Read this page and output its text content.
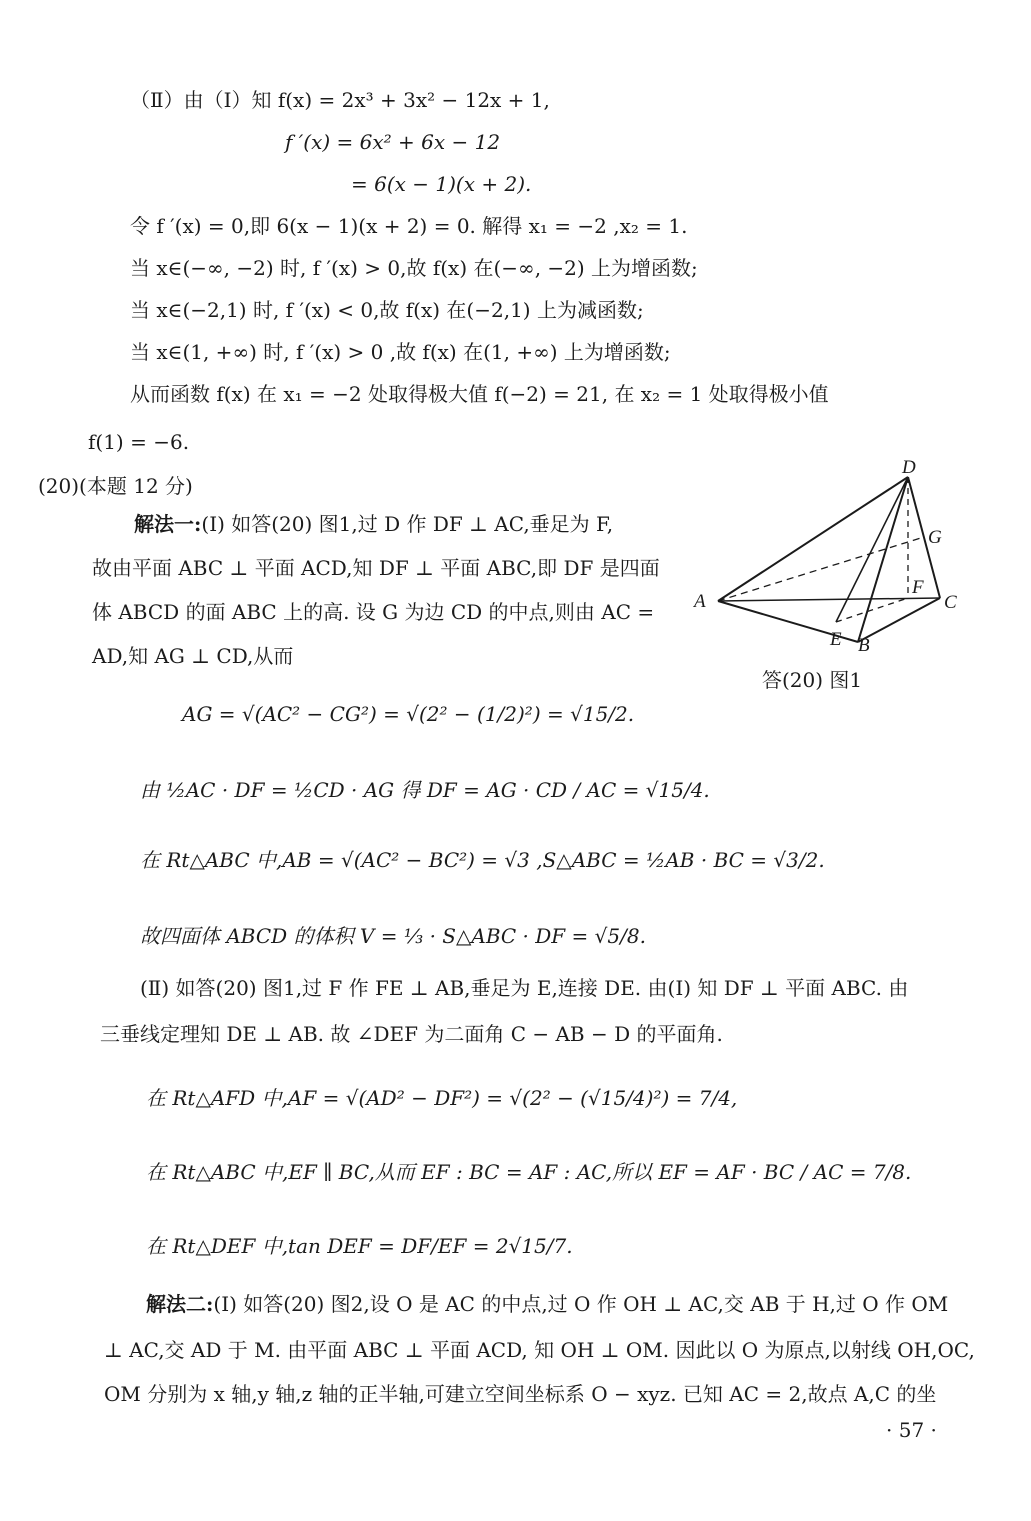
（Ⅱ）由（Ⅰ）知 f(x) = 2x³ + 3x² − 12x + 1,
f ′(x) = 6x² + 6x − 12
= 6(x − 1)(x + 2).
令 f ′(x) = 0,即 6(x − 1)(x + 2) = 0. 解得 x₁ = −2 ,x₂ = 1.
当 x∈(−∞, −2) 时, f ′(x) > 0,故 f(x) 在(−∞, −2) 上为增函数;
当 x∈(−2,1) 时, f ′(x) < 0,故 f(x) 在(−2,1) 上为减函数;
当 x∈(1, +∞) 时, f ′(x) > 0 ,故 f(x) 在(1, +∞) 上为增函数;
从而函数 f(x) 在 x₁ = −2 处取得极大值 f(−2) = 21, 在 x₂ = 1 处取得极小值
f(1) = −6.
(20)(本题 12 分)
解法一:(Ⅰ) 如答(20) 图1,过 D 作 DF ⊥ AC,垂足为 F,
故由平面 ABC ⊥ 平面 ACD,知 DF ⊥ 平面 ABC,即 DF 是四面
体 ABCD 的面 ABC 上的高. 设 G 为边 CD 的中点,则由 AC =
AD,知 AG ⊥ CD,从而
D
G
F
A	C
E B
答(20) 图1
AG = √(AC² − CG²) = √(2² − (1/2)²) = √15/2.
由 ½AC · DF = ½CD · AG 得 DF = AG · CD / AC = √15/4.
在 Rt△ABC 中,AB = √(AC² − BC²) = √3 ,S△ABC = ½AB · BC = √3/2.
故四面体 ABCD 的体积 V = ⅓ · S△ABC · DF = √5/8.
(Ⅱ) 如答(20) 图1,过 F 作 FE ⊥ AB,垂足为 E,连接 DE. 由(Ⅰ) 知 DF ⊥ 平面 ABC. 由
三垂线定理知 DE ⊥ AB. 故 ∠DEF 为二面角 C − AB − D 的平面角.
在 Rt△AFD 中,AF = √(AD² − DF²) = √(2² − (√15/4)²) = 7/4,
在 Rt△ABC 中,EF ∥ BC,从而 EF : BC = AF : AC,所以 EF = AF · BC / AC = 7/8.
在 Rt△DEF 中,tan DEF = DF/EF = 2√15/7.
解法二:(Ⅰ) 如答(20) 图2,设 O 是 AC 的中点,过 O 作 OH ⊥ AC,交 AB 于 H,过 O 作 OM
⊥ AC,交 AD 于 M. 由平面 ABC ⊥ 平面 ACD, 知 OH ⊥ OM. 因此以 O 为原点,以射线 OH,OC,
OM 分别为 x 轴,y 轴,z 轴的正半轴,可建立空间坐标系 O − xyz. 已知 AC = 2,故点 A,C 的坐
· 57 ·
